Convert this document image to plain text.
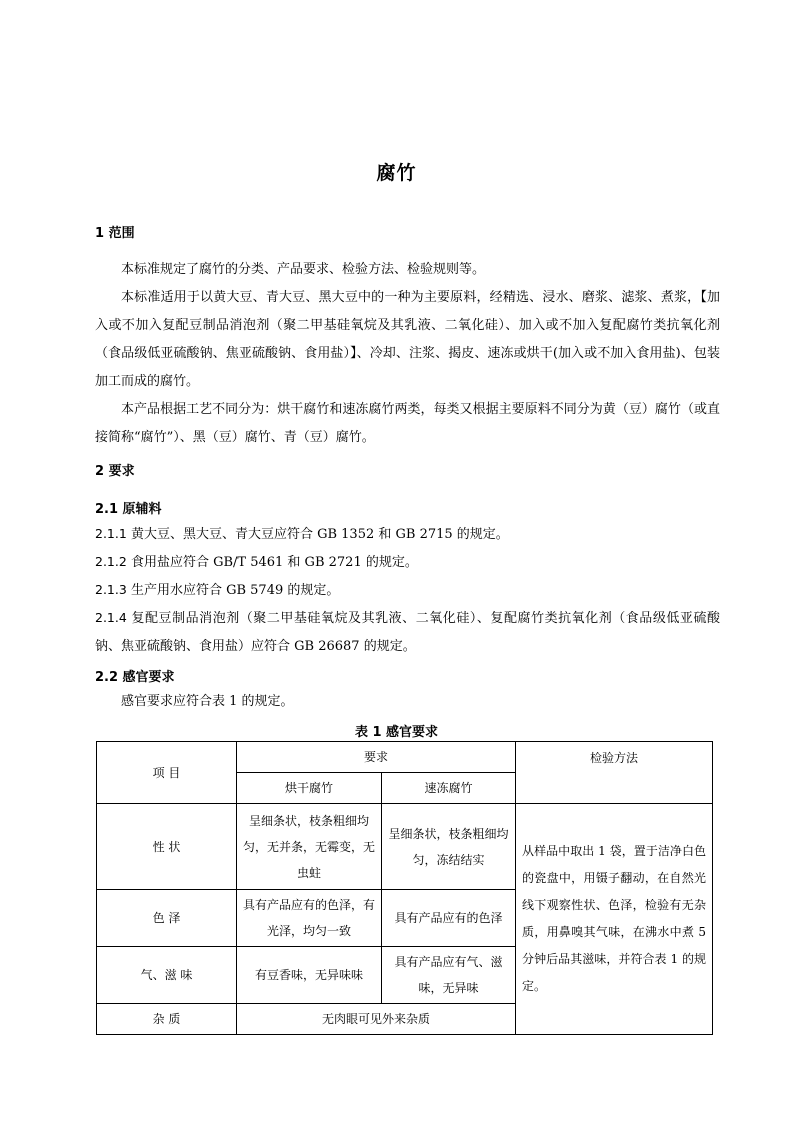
腐竹
1 范围
本标准规定了腐竹的分类、产品要求、检验方法、检验规则等。
本标准适用于以黄大豆、青大豆、黑大豆中的一种为主要原料，经精选、浸水、磨浆、滤浆、煮浆，【加入或不加入复配豆制品消泡剂（聚二甲基硅氧烷及其乳液、二氧化硅）、加入或不加入复配腐竹类抗氧化剂（食品级低亚硫酸钠、焦亚硫酸钠、食用盐）】、冷却、注浆、揭皮、速冻或烘干(加入或不加入食用盐)、包装加工而成的腐竹。
本产品根据工艺不同分为：烘干腐竹和速冻腐竹两类，每类又根据主要原料不同分为黄（豆）腐竹（或直接简称“腐竹”）、黑（豆）腐竹、青（豆）腐竹。
2 要求
2.1 原辅料
2.1.1 黄大豆、黑大豆、青大豆应符合 GB 1352 和 GB 2715 的规定。
2.1.2 食用盐应符合 GB/T 5461 和 GB 2721 的规定。
2.1.3 生产用水应符合 GB 5749 的规定。
2.1.4 复配豆制品消泡剂（聚二甲基硅氧烷及其乳液、二氧化硅）、复配腐竹类抗氧化剂（食品级低亚硫酸钠、焦亚硫酸钠、食用盐）应符合 GB 26687 的规定。
2.2 感官要求
感官要求应符合表 1 的规定。
表 1 感官要求
项 目	要求		检验方法
	烘干腐竹	速冻腐竹	
性 状	呈细条状，枝条粗细均匀，无并条，无霉变，无虫蛀	呈细条状，枝条粗细均匀，冻结结实	从样品中取出 1 袋，置于洁净白色的瓷盘中，用镊子翻动，在自然光线下观察性状、色泽，检验有无杂质，用鼻嗅其气味，在沸水中煮 5 分钟后品其滋味，并符合表 1 的规定。
色 泽	具有产品应有的色泽，有光泽，均匀一致	具有产品应有的色泽	
气、滋 味	有豆香味，无异味味	具有产品应有气、滋味，无异味	
杂 质	无肉眼可见外来杂质		
